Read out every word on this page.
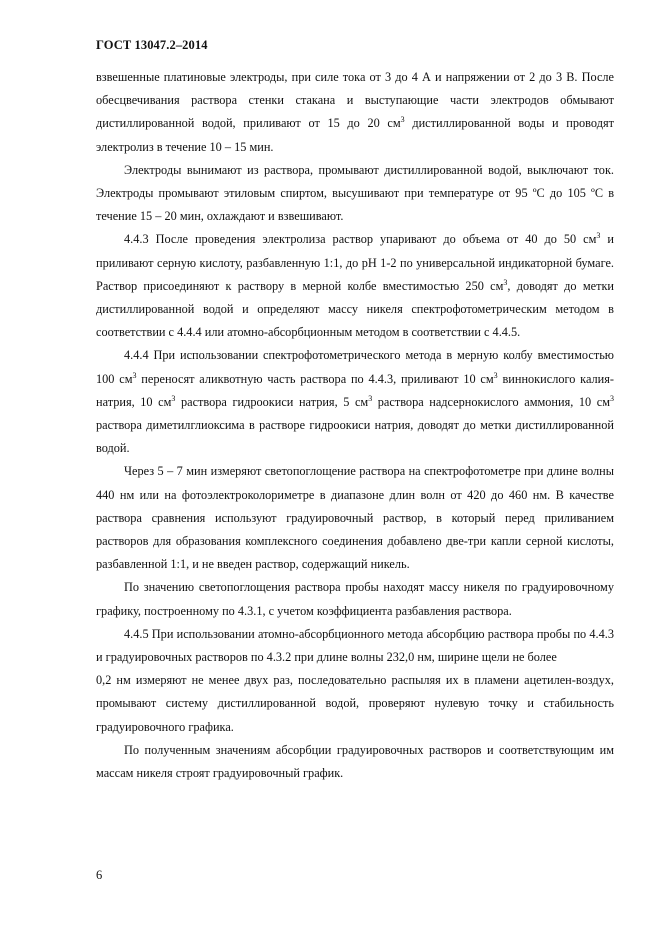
ГОСТ 13047.2–2014

взвешенные платиновые электроды, при силе тока от 3 до 4 А и напряжении от 2 до 3 В. После обесцвечивания раствора стенки стакана и выступающие части электродов обмывают дистиллированной водой, приливают от 15 до 20 $см^3$ дистиллированной воды и проводят электролиз в течение 10 – 15 мин.

Электроды вынимают из раствора, промывают дистиллированной водой, выключают ток. Электроды промывают этиловым спиртом, высушивают при температуре от 95 ºС до 105 ºС в течение 15 – 20 мин, охлаждают и взвешивают.

4.4.3 После проведения электролиза раствор упаривают до объема от 40 до 50 $см^3$ и приливают серную кислоту, разбавленную 1:1, до рН 1-2 по универсальной индикаторной бумаге. Раствор присоединяют к раствору в мерной колбе вместимостью 250 $см^3$, доводят до метки дистиллированной водой и определяют массу никеля спектрофотометрическим методом в соответствии с 4.4.4 или атомно-абсорбционным методом в соответствии с 4.4.5.

4.4.4 При использовании спектрофотометрического метода в мерную колбу вместимостью 100 $см^3$ переносят аликвотную часть раствора по 4.4.3, приливают 10 $см^3$ виннокислого калия-натрия, 10 $см^3$ раствора гидроокиси натрия, 5 $см^3$ раствора надсернокислого аммония, 10 $см^3$ раствора диметилглиоксима в растворе гидроокиси натрия, доводят до метки дистиллированной водой.

Через 5 – 7 мин измеряют светопоглощение раствора на спектрофотометре при длине волны 440 нм или на фотоэлектроколориметре в диапазоне длин волн от 420 до 460 нм. В качестве раствора сравнения используют градуировочный раствор, в который перед приливанием растворов для образования комплексного соединения добавлено две-три капли серной кислоты, разбавленной 1:1, и не введен раствор, содержащий никель.

По значению светопоглощения раствора пробы находят массу никеля по градуировочному графику, построенному по 4.3.1, с учетом коэффициента разбавления раствора.

4.4.5 При использовании атомно-абсорбционного метода абсорбцию раствора пробы по 4.4.3 и градуировочных растворов по 4.3.2 при длине волны 232,0 нм, ширине щели не более

0,2 нм измеряют не менее двух раз, последовательно распыляя их в пламени ацетилен-воздух, промывают систему дистиллированной водой, проверяют нулевую точку и стабильность градуировочного графика.

По полученным значениям абсорбции градуировочных растворов и соответствующим им массам никеля строят градуировочный график.

6
